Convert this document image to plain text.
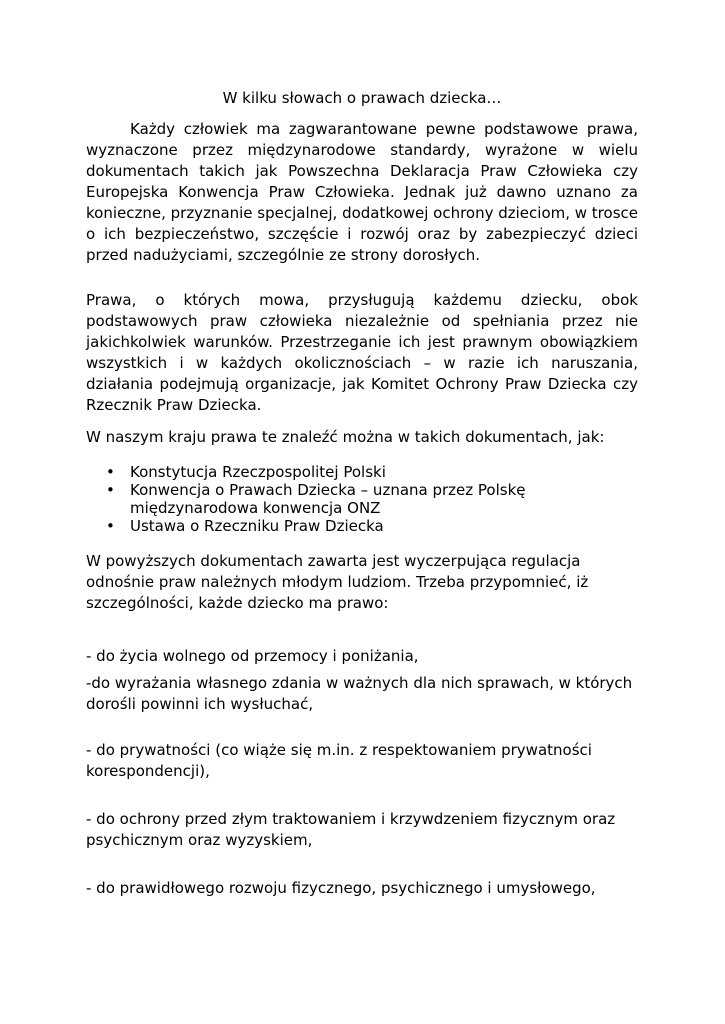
W kilku słowach o prawach dziecka…

Każdy człowiek ma zagwarantowane pewne podstawowe prawa, wyznaczone przez międzynarodowe standardy, wyrażone w wielu dokumentach takich jak Powszechna Deklaracja Praw Człowieka czy Europejska Konwencja Praw Człowieka. Jednak już dawno uznano za konieczne, przyznanie specjalnej, dodatkowej ochrony dzieciom, w trosce o ich bezpieczeństwo, szczęście i rozwój oraz by zabezpieczyć dzieci przed nadużyciami, szczególnie ze strony dorosłych.

Prawa, o których mowa, przysługują każdemu dziecku, obok podstawowych praw człowieka niezależnie od spełniania przez nie jakichkolwiek warunków. Przestrzeganie ich jest prawnym obowiązkiem wszystkich i w każdych okolicznościach – w razie ich naruszania, działania podejmują organizacje, jak Komitet Ochrony Praw Dziecka czy Rzecznik Praw Dziecka.

W naszym kraju prawa te znaleźć można w takich dokumentach, jak:

• Konstytucja Rzeczpospolitej Polski
• Konwencja o Prawach Dziecka – uznana przez Polskę międzynarodowa konwencja ONZ
• Ustawa o Rzeczniku Praw Dziecka

W powyższych dokumentach zawarta jest wyczerpująca regulacja odnośnie praw należnych młodym ludziom. Trzeba przypomnieć, iż szczególności, każde dziecko ma prawo:

- do życia wolnego od przemocy i poniżania,

-do wyrażania własnego zdania w ważnych dla nich sprawach, w których dorośli powinni ich wysłuchać,

- do prywatności (co wiąże się m.in. z respektowaniem prywatności korespondencji),

- do ochrony przed złym traktowaniem i krzywdzeniem fizycznym oraz psychicznym oraz wyzyskiem,

- do prawidłowego rozwoju fizycznego, psychicznego i umysłowego,
